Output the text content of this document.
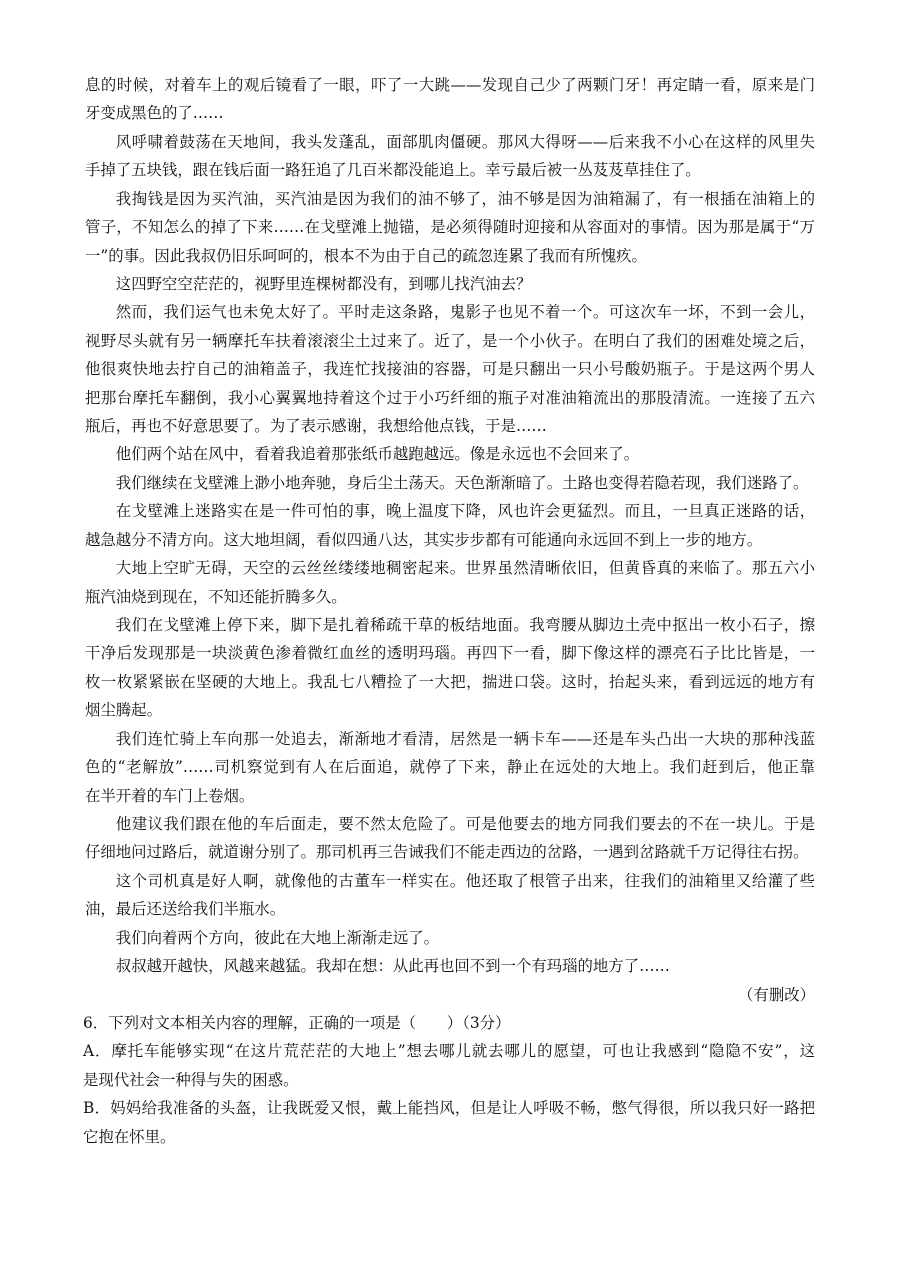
息的时候，对着车上的观后镜看了一眼，吓了一大跳——发现自己少了两颗门牙！再定睛一看，原来是门
牙变成黑色的了……
风呼啸着鼓荡在天地间，我头发蓬乱，面部肌肉僵硬。那风大得呀——后来我不小心在这样的风里失
手掉了五块钱，跟在钱后面一路狂追了几百米都没能追上。幸亏最后被一丛芨芨草挂住了。
我掏钱是因为买汽油，买汽油是因为我们的油不够了，油不够是因为油箱漏了，有一根插在油箱上的
管子，不知怎么的掉了下来……在戈壁滩上抛锚，是必须得随时迎接和从容面对的事情。因为那是属于“万
一”的事。因此我叔仍旧乐呵呵的，根本不为由于自己的疏忽连累了我而有所愧疚。
这四野空空茫茫的，视野里连棵树都没有，到哪儿找汽油去？
然而，我们运气也未免太好了。平时走这条路，鬼影子也见不着一个。可这次车一坏，不到一会儿，
视野尽头就有另一辆摩托车扶着滚滚尘土过来了。近了，是一个小伙子。在明白了我们的困难处境之后，
他很爽快地去拧自己的油箱盖子，我连忙找接油的容器，可是只翻出一只小号酸奶瓶子。于是这两个男人
把那台摩托车翻倒，我小心翼翼地持着这个过于小巧纤细的瓶子对准油箱流出的那股清流。一连接了五六
瓶后，再也不好意思要了。为了表示感谢，我想给他点钱，于是……
他们两个站在风中，看着我追着那张纸币越跑越远。像是永远也不会回来了。
我们继续在戈壁滩上渺小地奔驰，身后尘土荡天。天色渐渐暗了。土路也变得若隐若现，我们迷路了。
在戈壁滩上迷路实在是一件可怕的事，晚上温度下降，风也许会更猛烈。而且，一旦真正迷路的话，
越急越分不清方向。这大地坦阔，看似四通八达，其实步步都有可能通向永远回不到上一步的地方。
大地上空旷无碍，天空的云丝丝缕缕地稠密起来。世界虽然清晰依旧，但黄昏真的来临了。那五六小
瓶汽油烧到现在，不知还能折腾多久。
我们在戈壁滩上停下来，脚下是扎着稀疏干草的板结地面。我弯腰从脚边土壳中抠出一枚小石子，擦
干净后发现那是一块淡黄色渗着微红血丝的透明玛瑙。再四下一看，脚下像这样的漂亮石子比比皆是，一
枚一枚紧紧嵌在坚硬的大地上。我乱七八糟捡了一大把，揣进口袋。这时，抬起头来，看到远远的地方有
烟尘腾起。
我们连忙骑上车向那一处追去，渐渐地才看清，居然是一辆卡车——还是车头凸出一大块的那种浅蓝
色的“老解放”……司机察觉到有人在后面追，就停了下来，静止在远处的大地上。我们赶到后，他正靠
在半开着的车门上卷烟。
他建议我们跟在他的车后面走，要不然太危险了。可是他要去的地方同我们要去的不在一块儿。于是
仔细地问过路后，就道谢分别了。那司机再三告诫我们不能走西边的岔路，一遇到岔路就千万记得往右拐。
这个司机真是好人啊，就像他的古董车一样实在。他还取了根管子出来，往我们的油箱里又给灌了些
油，最后还送给我们半瓶水。
我们向着两个方向，彼此在大地上渐渐走远了。
叔叔越开越快，风越来越猛。我却在想：从此再也回不到一个有玛瑙的地方了……
（有删改）
6．下列对文本相关内容的理解，正确的一项是（　　）（3分）
A．摩托车能够实现“在这片荒茫茫的大地上”想去哪儿就去哪儿的愿望，可也让我感到“隐隐不安”，这
是现代社会一种得与失的困惑。
B．妈妈给我准备的头盔，让我既爱又恨，戴上能挡风，但是让人呼吸不畅，憋气得很，所以我只好一路把
它抱在怀里。
